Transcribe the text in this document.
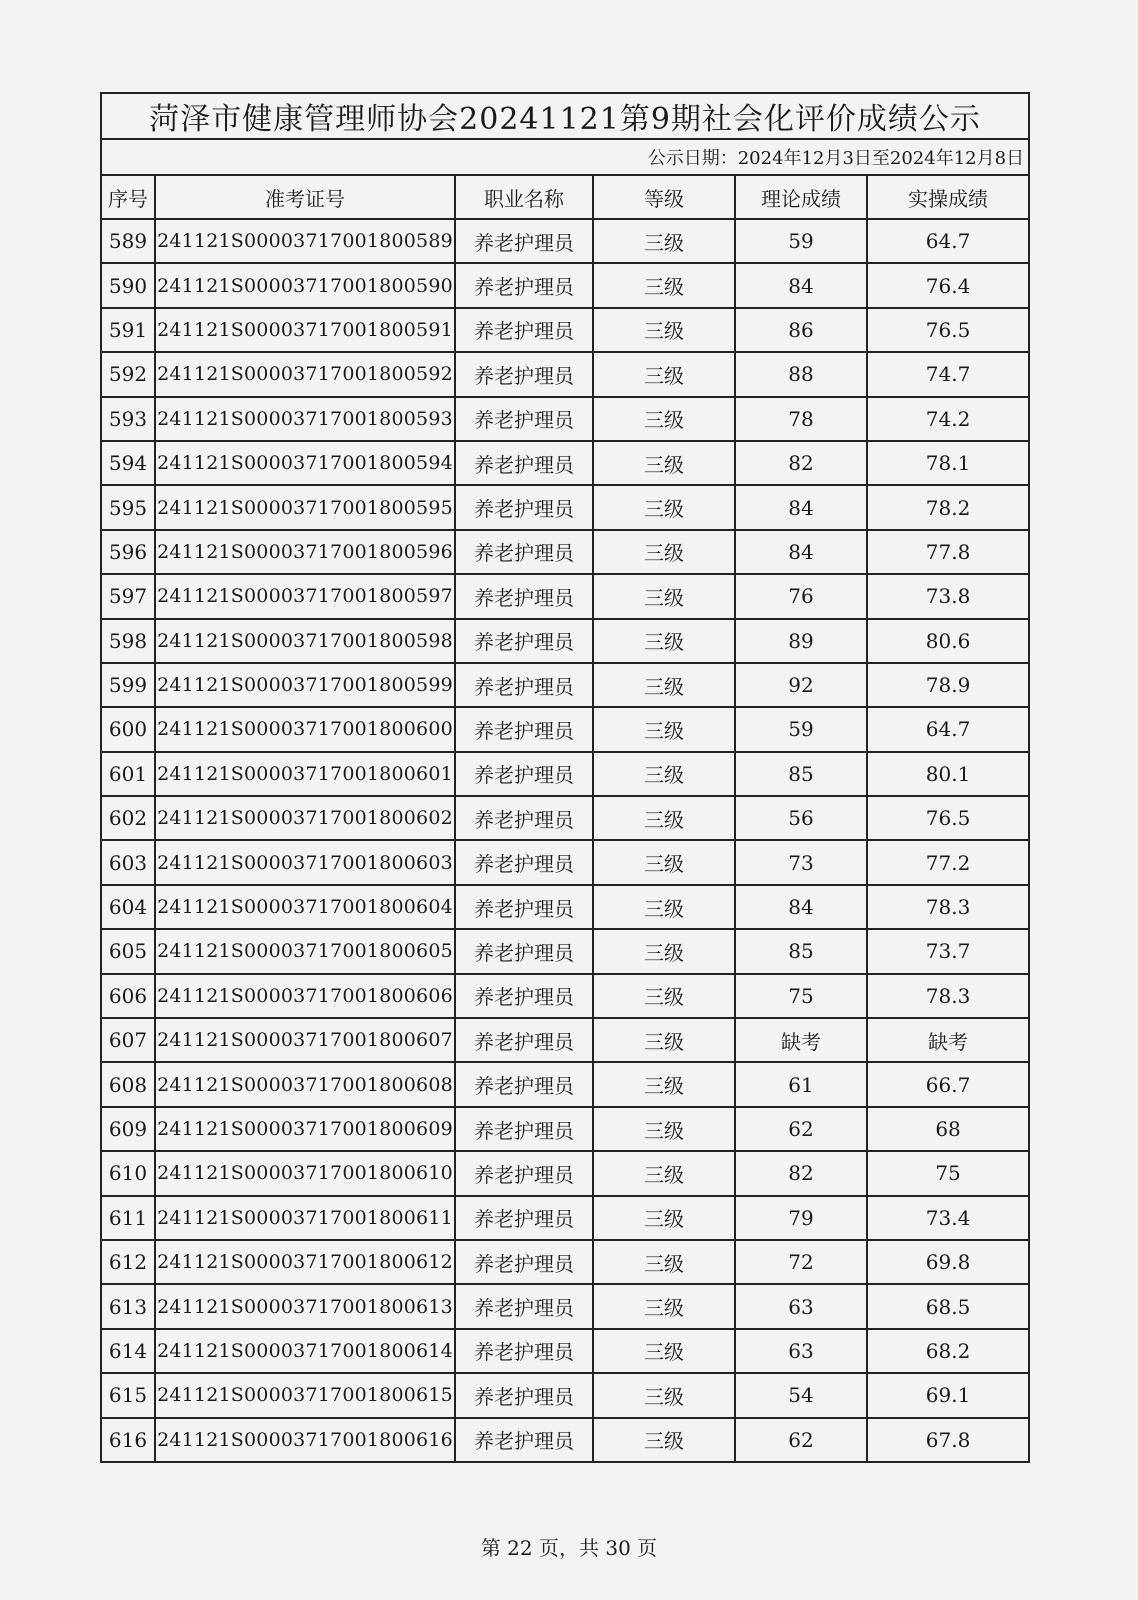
菏泽市健康管理师协会20241121第9期社会化评价成绩公示					
公示日期：2024年12月3日至2024年12月8日					
序号	准考证号	职业名称	等级	理论成绩	实操成绩
589	241121S00003717001800589	养老护理员	三级	59	64.7
590	241121S00003717001800590	养老护理员	三级	84	76.4
591	241121S00003717001800591	养老护理员	三级	86	76.5
592	241121S00003717001800592	养老护理员	三级	88	74.7
593	241121S00003717001800593	养老护理员	三级	78	74.2
594	241121S00003717001800594	养老护理员	三级	82	78.1
595	241121S00003717001800595	养老护理员	三级	84	78.2
596	241121S00003717001800596	养老护理员	三级	84	77.8
597	241121S00003717001800597	养老护理员	三级	76	73.8
598	241121S00003717001800598	养老护理员	三级	89	80.6
599	241121S00003717001800599	养老护理员	三级	92	78.9
600	241121S00003717001800600	养老护理员	三级	59	64.7
601	241121S00003717001800601	养老护理员	三级	85	80.1
602	241121S00003717001800602	养老护理员	三级	56	76.5
603	241121S00003717001800603	养老护理员	三级	73	77.2
604	241121S00003717001800604	养老护理员	三级	84	78.3
605	241121S00003717001800605	养老护理员	三级	85	73.7
606	241121S00003717001800606	养老护理员	三级	75	78.3
607	241121S00003717001800607	养老护理员	三级	缺考	缺考
608	241121S00003717001800608	养老护理员	三级	61	66.7
609	241121S00003717001800609	养老护理员	三级	62	68
610	241121S00003717001800610	养老护理员	三级	82	75
611	241121S00003717001800611	养老护理员	三级	79	73.4
612	241121S00003717001800612	养老护理员	三级	72	69.8
613	241121S00003717001800613	养老护理员	三级	63	68.5
614	241121S00003717001800614	养老护理员	三级	63	68.2
615	241121S00003717001800615	养老护理员	三级	54	69.1
616	241121S00003717001800616	养老护理员	三级	62	67.8
第 22 页，共 30 页
